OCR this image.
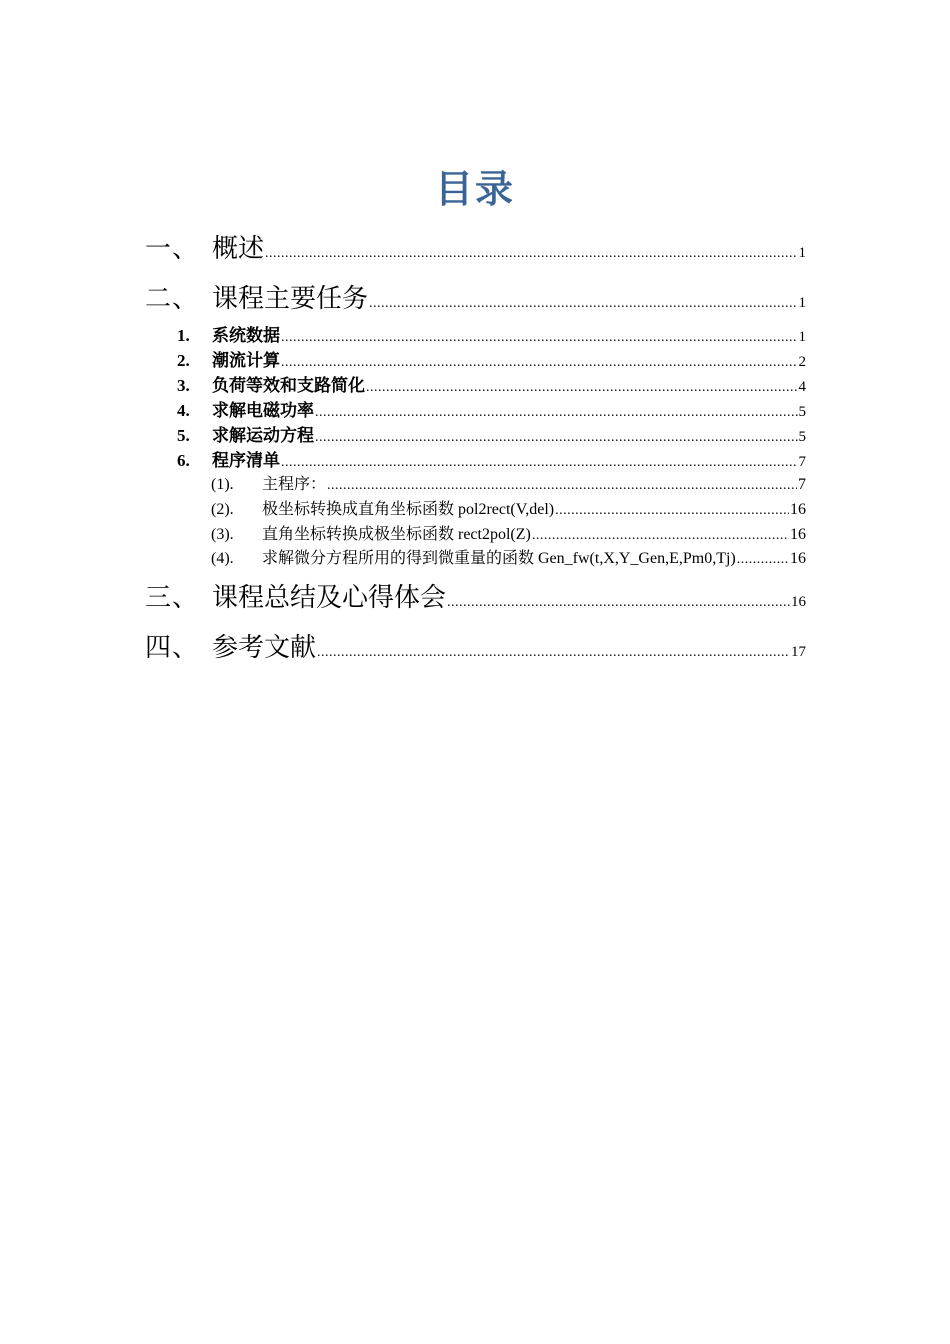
目录
一、 概述 .....	1
二、 课程主要任务 .....	1
1.	系统数据 .....	1
2.	潮流计算 .....	2
3.	负荷等效和支路简化 .....	4
4.	求解电磁功率 .....	5
5.	求解运动方程 .....	5
6.	程序清单 .....	7
(1).	主程序： .....	7
(2).	极坐标转换成直角坐标函数 pol2rect(V,del) .....	16
(3).	直角坐标转换成极坐标函数 rect2pol(Z) .....	16
(4).	求解微分方程所用的得到微重量的函数 Gen_fw(t,X,Y_Gen,E,Pm0,Tj) .....	16
三、 课程总结及心得体会 .....	16
四、 参考文献 .....	17
